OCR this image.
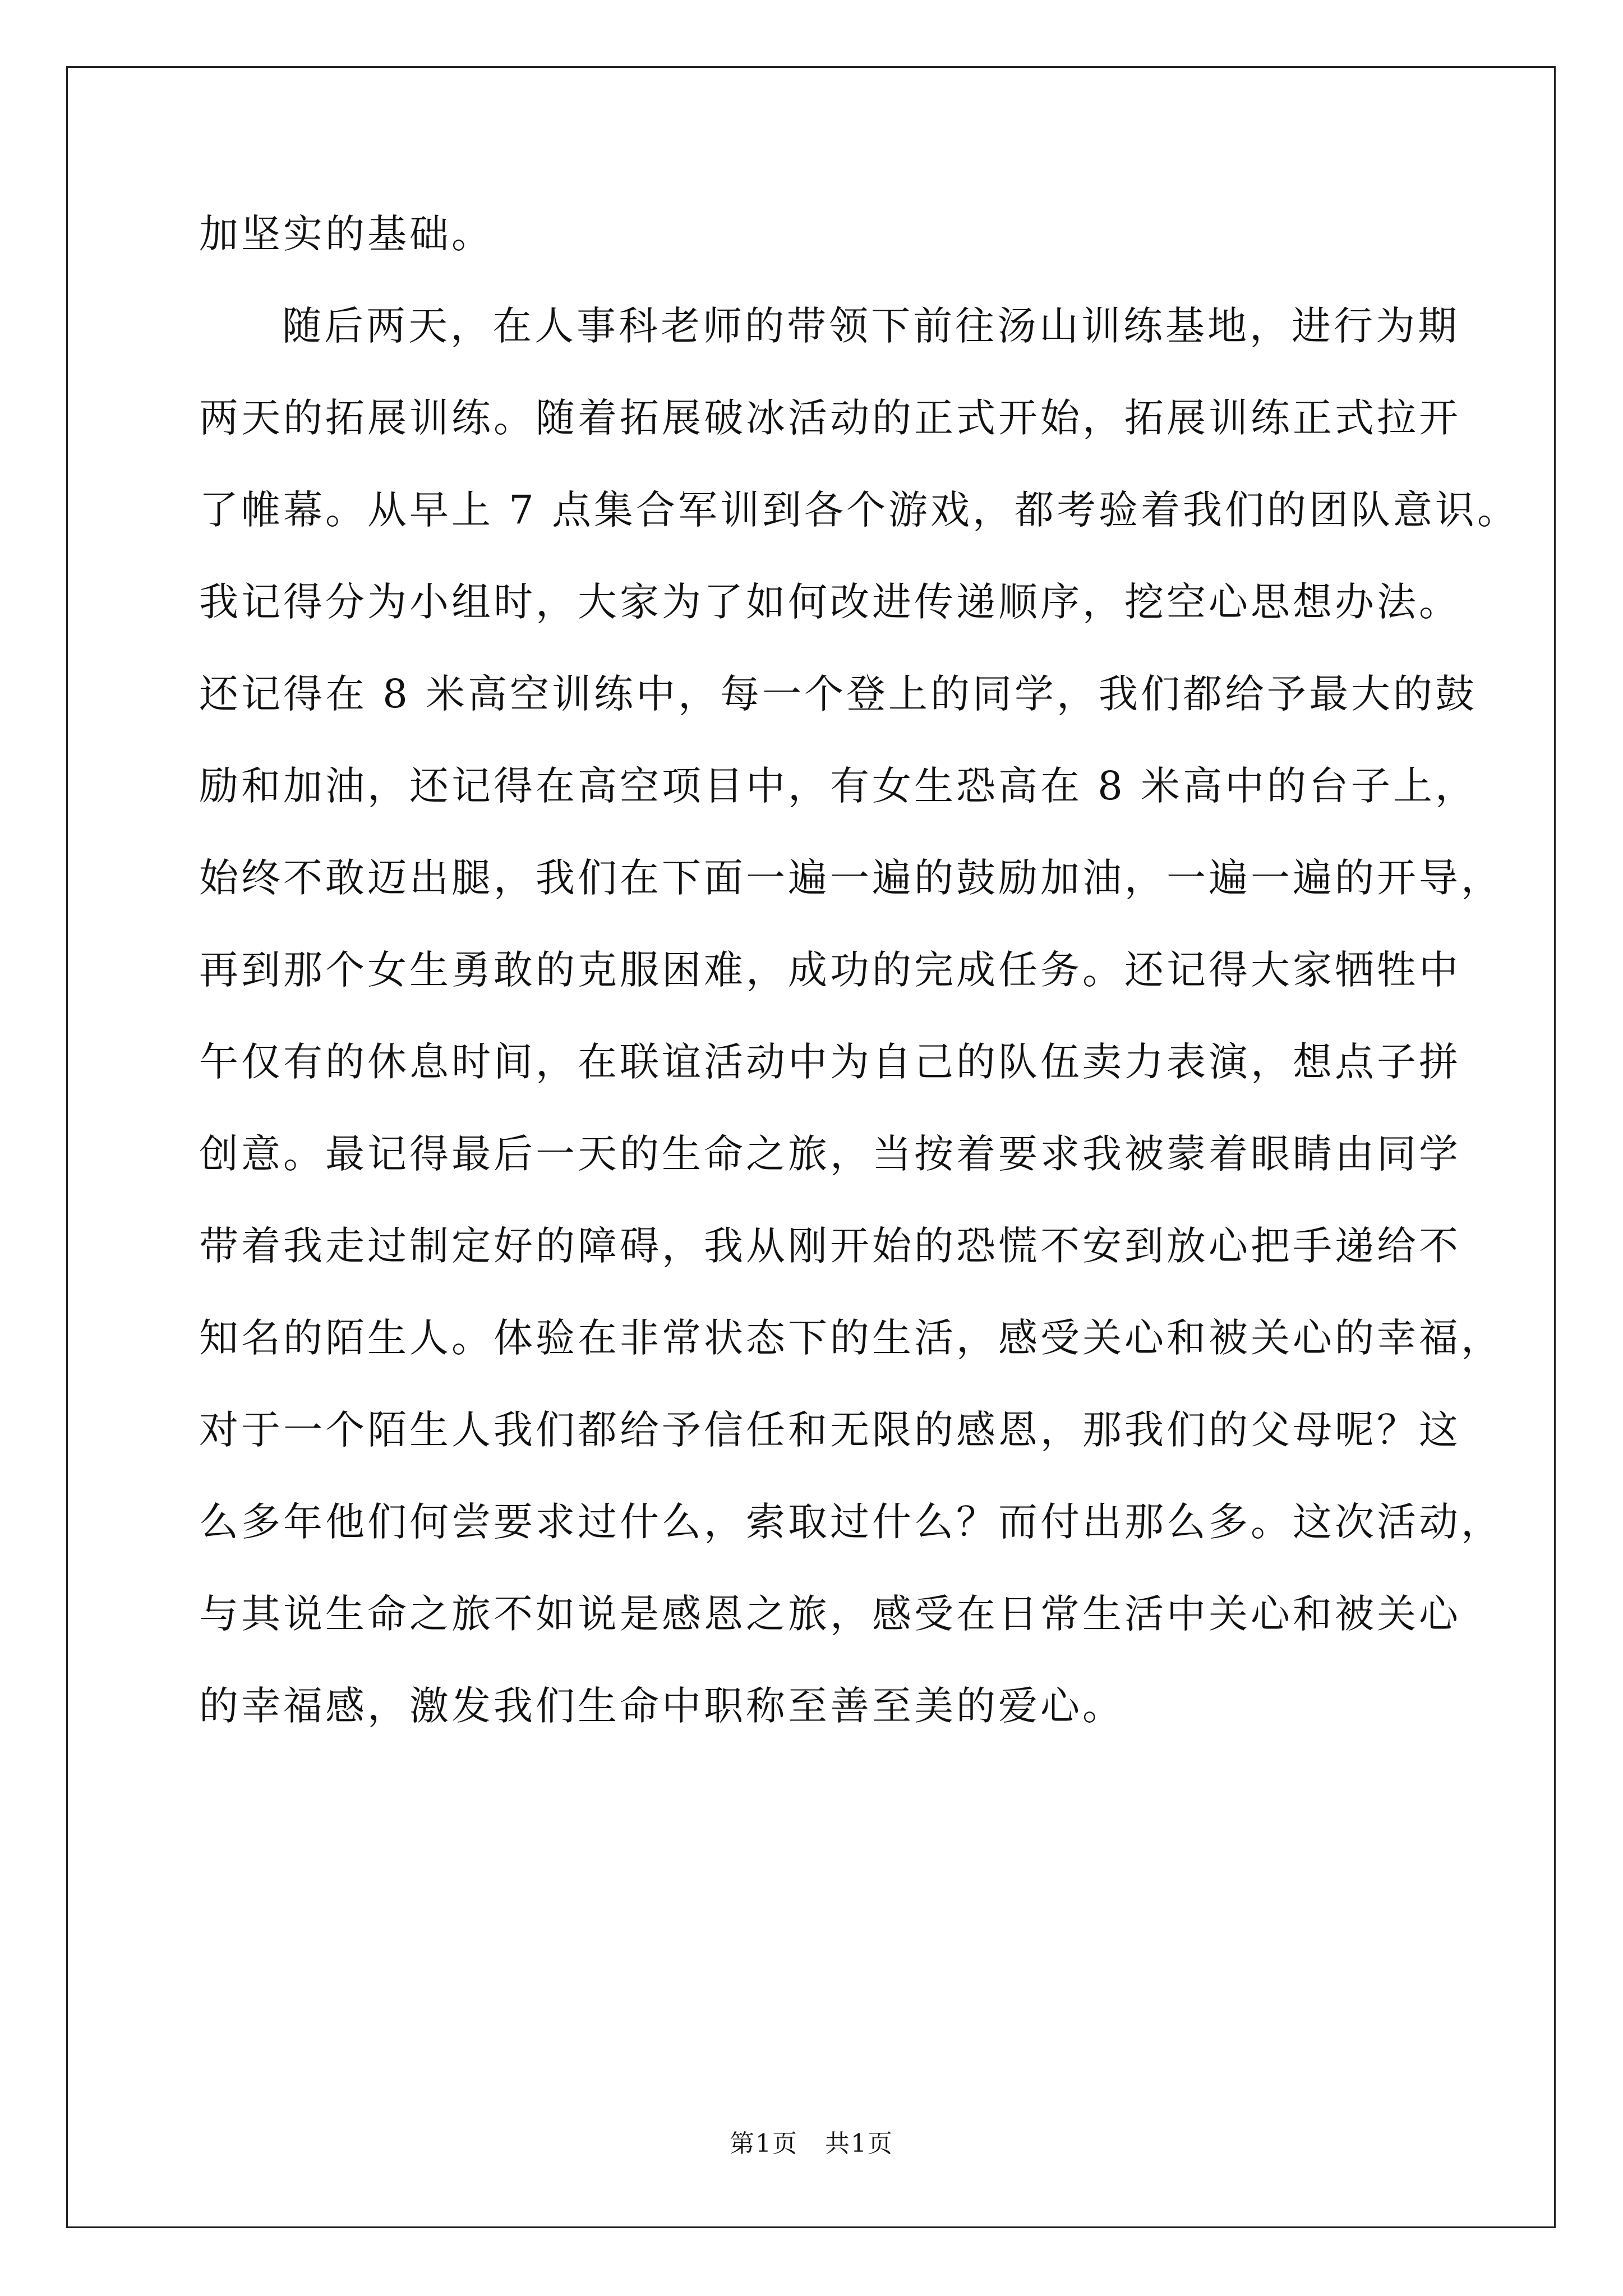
加坚实的基础。

随后两天，在人事科老师的带领下前往汤山训练基地，进行为期

两天的拓展训练。随着拓展破冰活动的正式开始，拓展训练正式拉开

了帷幕。从早上 7 点集合军训到各个游戏，都考验着我们的团队意识。

我记得分为小组时，大家为了如何改进传递顺序，挖空心思想办法。

还记得在 8 米高空训练中，每一个登上的同学，我们都给予最大的鼓

励和加油，还记得在高空项目中，有女生恐高在 8 米高中的台子上，

始终不敢迈出腿，我们在下面一遍一遍的鼓励加油，一遍一遍的开导，

再到那个女生勇敢的克服困难，成功的完成任务。还记得大家牺牲中

午仅有的休息时间，在联谊活动中为自己的队伍卖力表演，想点子拼

创意。最记得最后一天的生命之旅，当按着要求我被蒙着眼睛由同学

带着我走过制定好的障碍，我从刚开始的恐慌不安到放心把手递给不

知名的陌生人。体验在非常状态下的生活，感受关心和被关心的幸福，

对于一个陌生人我们都给予信任和无限的感恩，那我们的父母呢？这

么多年他们何尝要求过什么，索取过什么？而付出那么多。这次活动，

与其说生命之旅不如说是感恩之旅，感受在日常生活中关心和被关心

的幸福感，激发我们生命中职称至善至美的爱心。

第1页   共1页
